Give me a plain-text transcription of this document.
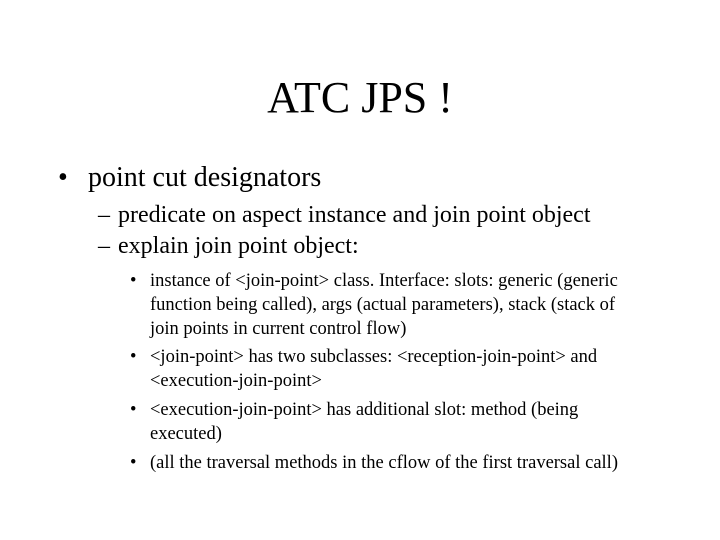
ATC JPS !
• point cut designators
– predicate on aspect instance and join point object
– explain join point object:
• instance of <join-point> class. Interface: slots: generic (generic
function being called), args (actual parameters), stack (stack of
join points in current control flow)
• <join-point> has two subclasses: <reception-join-point> and
<execution-join-point>
• <execution-join-point> has additional slot: method (being
executed)
• (all the traversal methods in the cflow of the first traversal call)
